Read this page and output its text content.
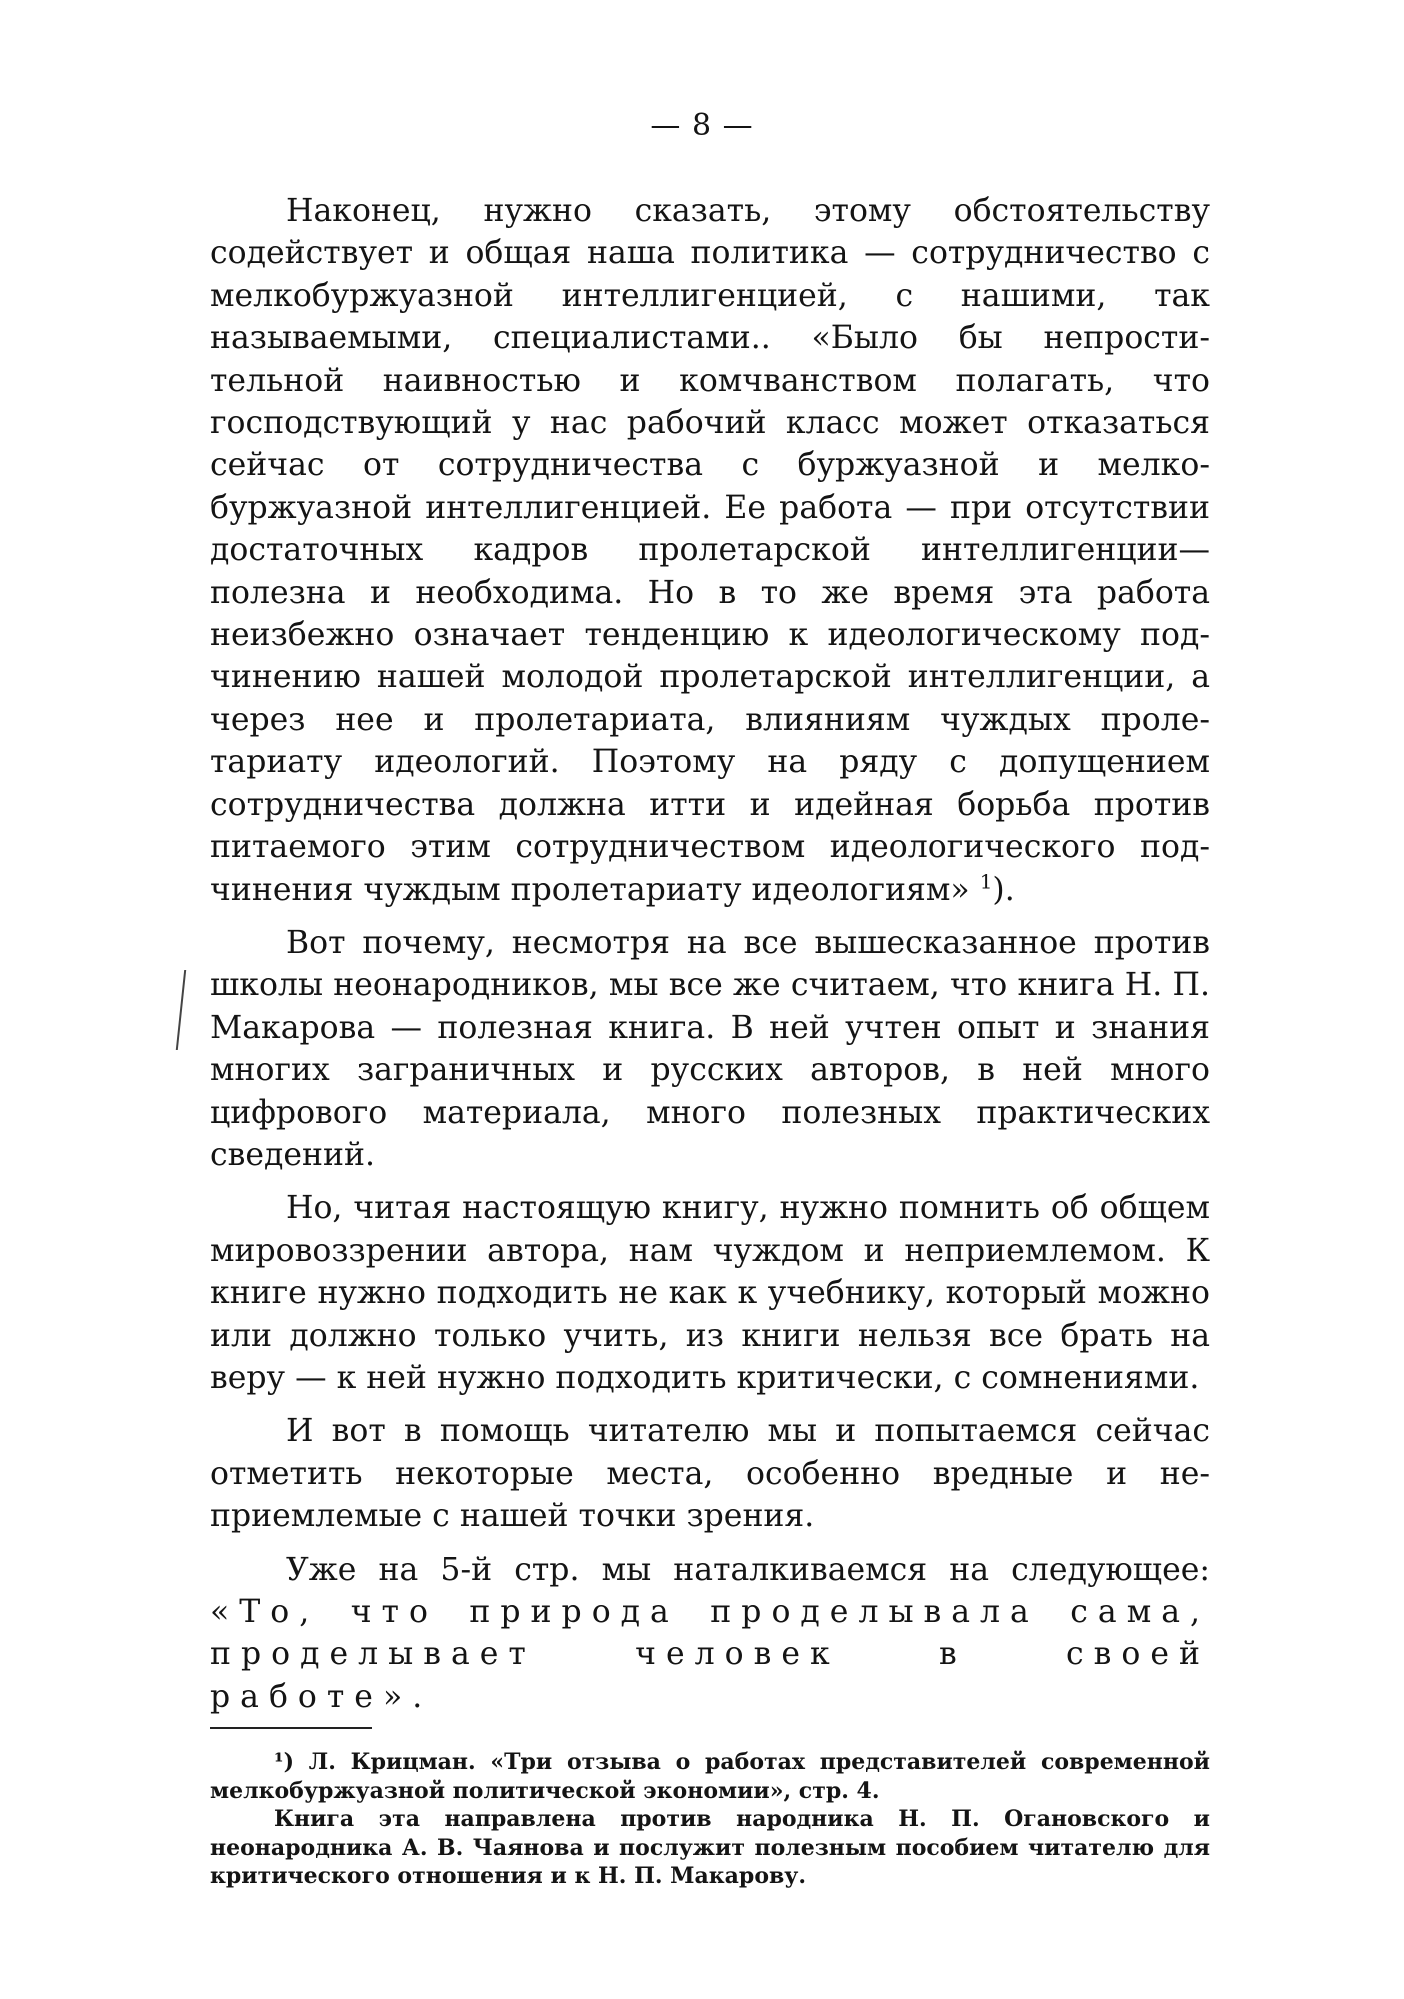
— 8 —

Наконец, нужно сказать, этому обстоятельству содействует и общая наша политика — сотрудничество с мелкобуржуазной интеллигенцией, с нашими, так называемыми, специалистами.. «Было бы непростительной наивностью и комчванством полагать, что господствующий у нас рабочий класс может отказаться сейчас от сотрудничества с буржуазной и мелкобуржуазной интеллигенцией. Ее работа — при отсутствии достаточных кадров пролетарской интеллигенции— полезна и необходима. Но в то же время эта работа неизбежно означает тенденцию к идеологическому подчинению нашей молодой пролетарской интеллигенции, а через нее и пролетариата, влияниям чуждых пролетариату идеологий. Поэтому на ряду с допущением сотрудничества должна итти и идейная борьба против питаемого этим сотрудничеством идеологического подчинения чуждым пролетариату идеологиям» $^1$).

Вот почему, несмотря на все вышесказанное против школы неонародников, мы все же считаем, что книга Н. П. Макарова — полезная книга. В ней учтен опыт и знания многих заграничных и русских авторов, в ней много цифрового материала, много полезных практических сведений.

Но, читая настоящую книгу, нужно помнить об общем мировоззрении автора, нам чуждом и неприемлемом. К книге нужно подходить не как к учебнику, который можно или должно только учить, из книги нельзя все брать на веру — к ней нужно подходить критически, с сомнениями.

И вот в помощь читателю мы и попытаемся сейчас отметить некоторые места, особенно вредные и неприемлемые с нашей точки зрения.

Уже на 5-й стр. мы наталкиваемся на следующее: «То, что природа проделывала сама, проделывает человек в своей работе».

¹) Л. Крицман. «Три отзыва о работах представителей современной мелкобуржуазной политической экономии», стр. 4.

Книга эта направлена против народника Н. П. Огановского и неонародника А. В. Чаянова и послужит полезным пособием читателю для критического отношения и к Н. П. Макарову.
